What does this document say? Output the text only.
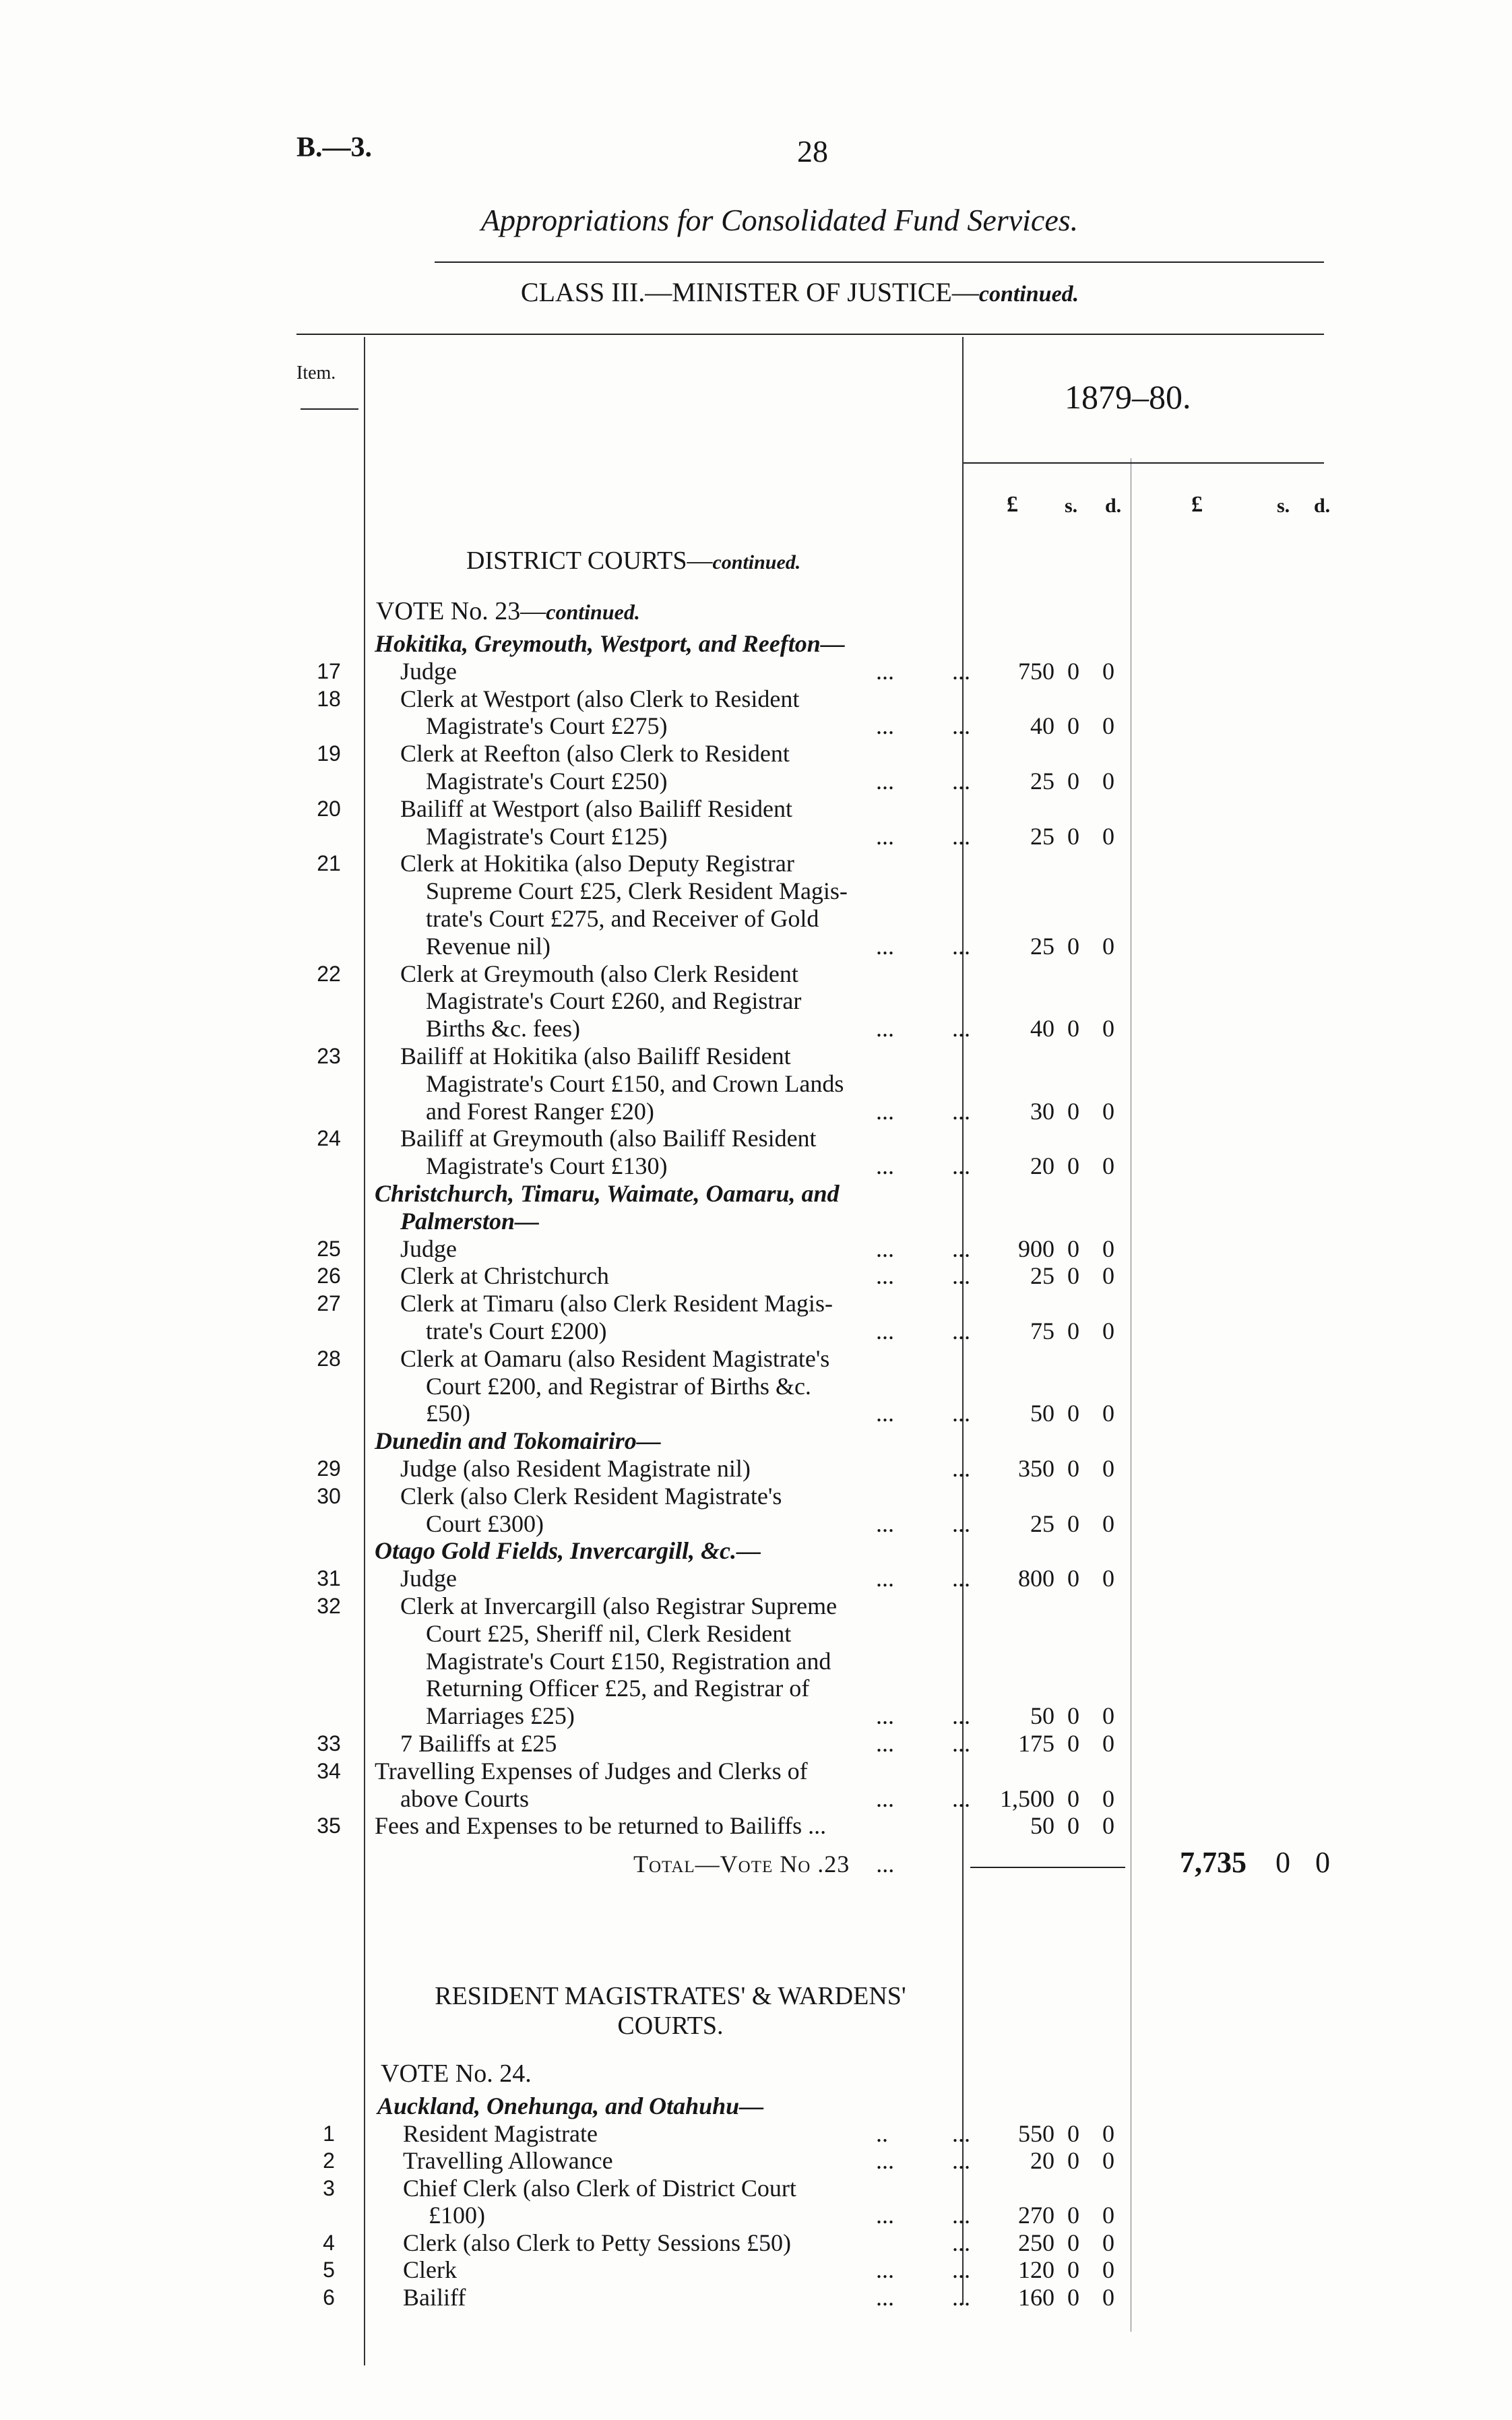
B.—3.	28
Appropriations for Consolidated Fund Services.
CLASS III.—MINISTER OF JUSTICE—continued.
Item.
1879–80.
£ s. d.	£	s. d.
DISTRICT COURTS—continued.
VOTE No. 23—continued.
Hokitika, Greymouth, Westport, and Reefton—
17	Judge	... ...	750 0 0
18	Clerk at Westport (also Clerk to Resident
Magistrate's Court £275)	... ...	40 0 0
19	Clerk at Reefton (also Clerk to Resident
Magistrate's Court £250)	... ...	25 0 0
20	Bailiff at Westport (also Bailiff Resident
Magistrate's Court £125)	... ...	25 0 0
21	Clerk at Hokitika (also Deputy Registrar
Supreme Court £25, Clerk Resident Magis-
trate's Court £275, and Receiver of Gold
Revenue nil)	... ...	25 0 0
22	Clerk at Greymouth (also Clerk Resident
Magistrate's Court £260, and Registrar
Births &c. fees)	... ...	40 0 0
23	Bailiff at Hokitika (also Bailiff Resident
Magistrate's Court £150, and Crown Lands
and Forest Ranger £20)	... ...	30 0 0
24	Bailiff at Greymouth (also Bailiff Resident
Magistrate's Court £130)	... ...	20 0 0
Christchurch, Timaru, Waimate, Oamaru, and
Palmerston—
25	Judge	... ...	900 0 0
26	Clerk at Christchurch	... ...	25 0 0
27	Clerk at Timaru (also Clerk Resident Magis-
trate's Court £200)	... ...	75 0 0
28	Clerk at Oamaru (also Resident Magistrate's
Court £200, and Registrar of Births &c.
£50)	... ...	50 0 0
Dunedin and Tokomairiro—
29	Judge (also Resident Magistrate nil)	...	350 0 0
30	Clerk (also Clerk Resident Magistrate's
Court £300)	... ...	25 0 0
Otago Gold Fields, Invercargill, &c.—
31	Judge	... ...	800 0 0
32	Clerk at Invercargill (also Registrar Supreme
Court £25, Sheriff nil, Clerk Resident
Magistrate's Court £150, Registration and
Returning Officer £25, and Registrar of
Marriages £25)	... ...	50 0 0
33	7 Bailiffs at £25	... ...	175 0 0
34	Travelling Expenses of Judges and Clerks of
above Courts	... ...	1,500 0 0
35	Fees and Expenses to be returned to Bailiffs ...	50 0 0
Total—Vote No .23 ...	7,735 0 0
RESIDENT MAGISTRATES' & WARDENS'
COURTS.
VOTE No. 24.
Auckland, Onehunga, and Otahuhu—
1	Resident Magistrate	..	...	550 0 0
2	Travelling Allowance	... ...	20 0 0
3	Chief Clerk (also Clerk of District Court
£100)	... ...	270 0 0
4	Clerk (also Clerk to Petty Sessions £50)	...	250 0 0
5	Clerk	... ...	120 0 0
6	Bailiff	... ...	160 0 0
